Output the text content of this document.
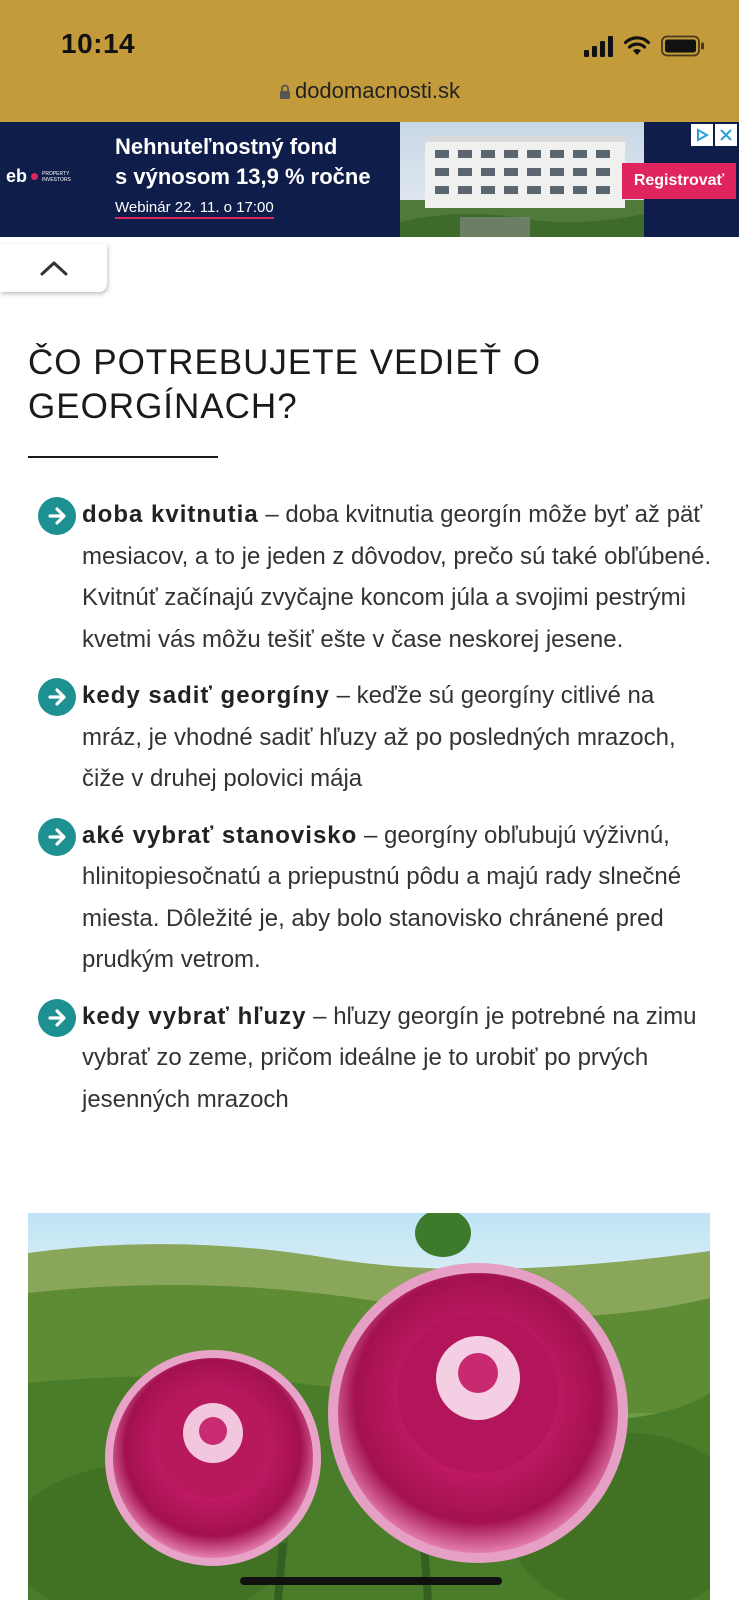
10:14
dodomacnosti.sk
eb	PROPERTY INVESTORS
Nehnuteľnostný fond
s výnosom 13,9 % ročne
Webinár 22. 11. o 17:00
Registrovať
ČO POTREBUJETE VEDIEŤ O GEORGÍNACH?
doba kvitnutia – doba kvitnutia georgín môže byť až päť mesiacov, a to je jeden z dôvodov, prečo sú také obľúbené. Kvitnúť začínajú zvyčajne koncom júla a svojimi pestrými kvetmi vás môžu tešiť ešte v čase neskorej jesene.
kedy sadiť georgíny – keďže sú georgíny citlivé na mráz, je vhodné sadiť hľuzy až po posledných mrazoch, čiže v druhej polovici mája
aké vybrať stanovisko – georgíny obľubujú výživnú, hlinitopiesočnatú a priepustnú pôdu a majú rady slnečné miesta. Dôležité je, aby bolo stanovisko chránené pred prudkým vetrom.
kedy vybrať hľuzy – hľuzy georgín je potrebné na zimu vybrať zo zeme, pričom ideálne je to urobiť po prvých jesenných mrazoch
